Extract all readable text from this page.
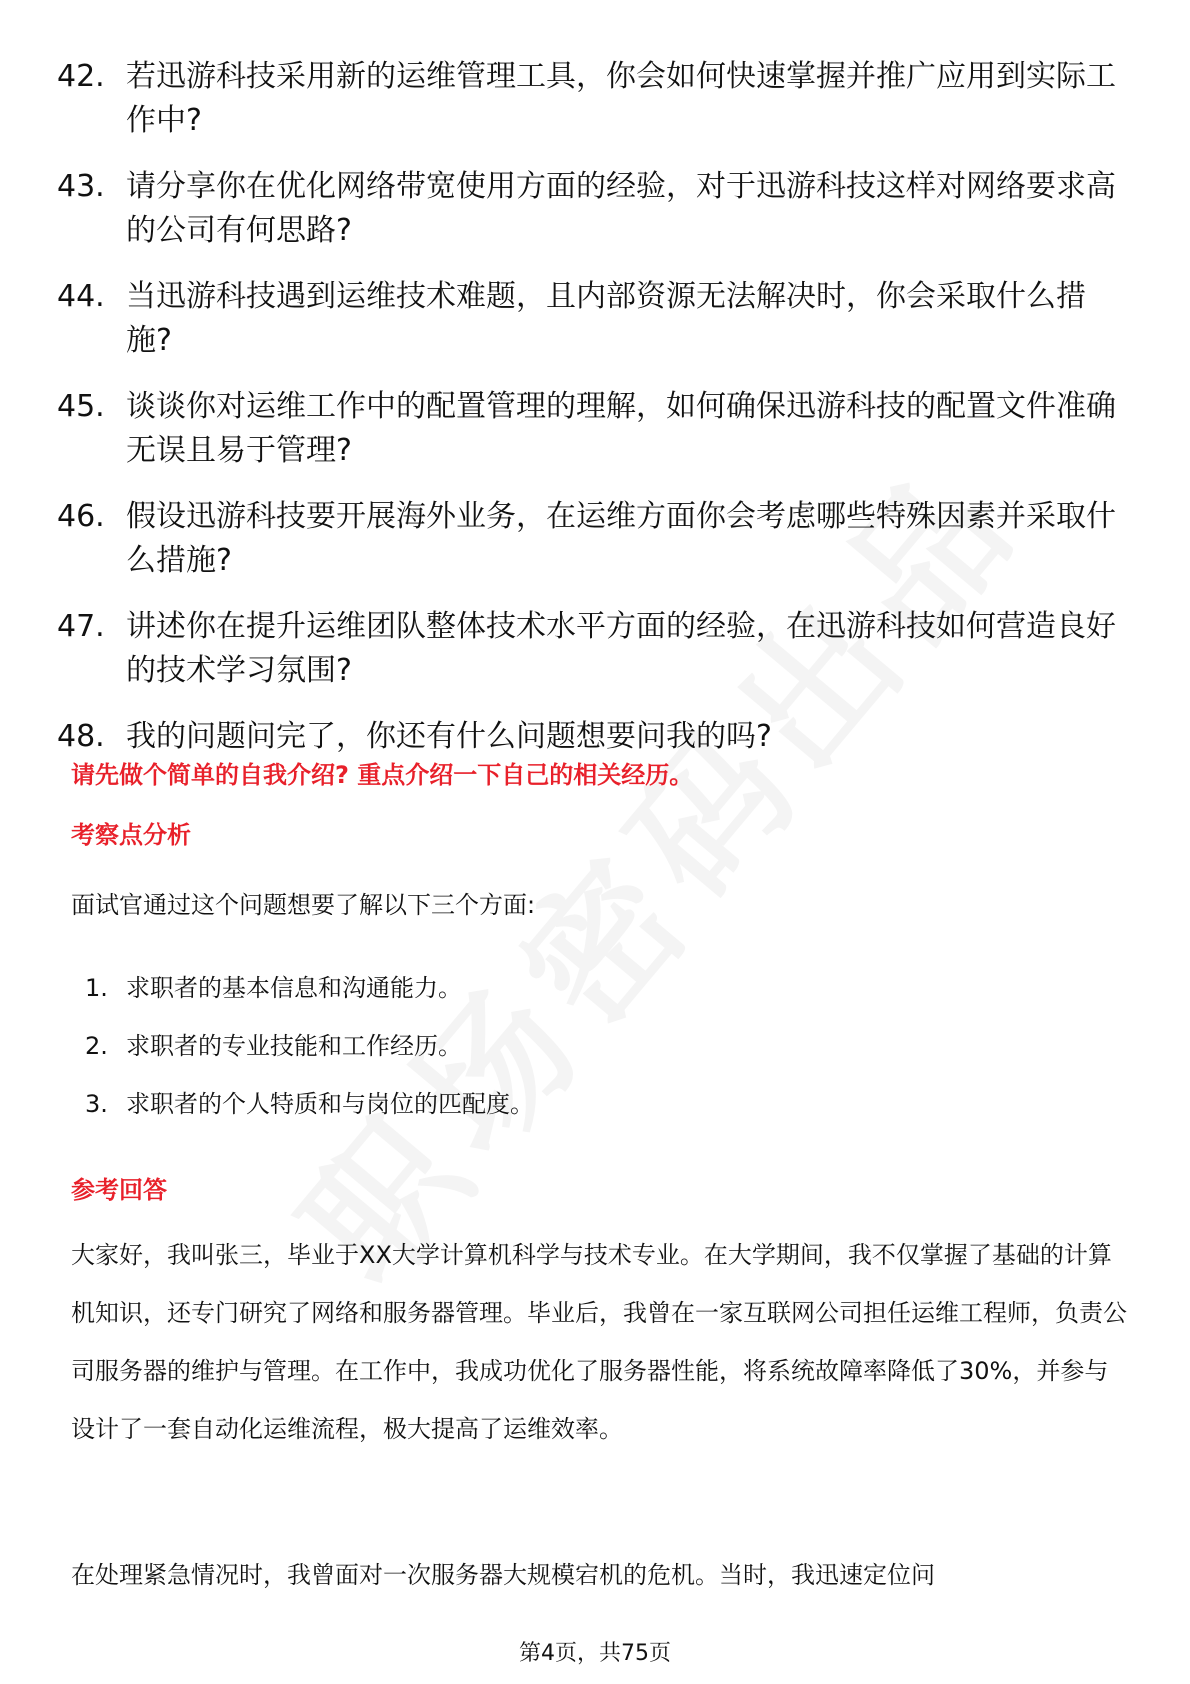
42. 若迅游科技采用新的运维管理工具，你会如何快速掌握并推广应用到实际工作中?
43. 请分享你在优化网络带宽使用方面的经验，对于迅游科技这样对网络要求高的公司有何思路?
44. 当迅游科技遇到运维技术难题，且内部资源无法解决时，你会采取什么措施?
45. 谈谈你对运维工作中的配置管理的理解，如何确保迅游科技的配置文件准确无误且易于管理?
46. 假设迅游科技要开展海外业务，在运维方面你会考虑哪些特殊因素并采取什么措施?
47. 讲述你在提升运维团队整体技术水平方面的经验，在迅游科技如何营造良好的技术学习氛围?
48. 我的问题问完了，你还有什么问题想要问我的吗?
请先做个简单的自我介绍? 重点介绍一下自己的相关经历。
考察点分析
面试官通过这个问题想要了解以下三个方面:
1. 求职者的基本信息和沟通能力。
2. 求职者的专业技能和工作经历。
3. 求职者的个人特质和与岗位的匹配度。
参考回答
大家好，我叫张三，毕业于XX大学计算机科学与技术专业。在大学期间，我不仅掌握了基础的计算机知识，还专门研究了网络和服务器管理。毕业后，我曾在一家互联网公司担任运维工程师，负责公司服务器的维护与管理。在工作中，我成功优化了服务器性能，将系统故障率降低了30%，并参与设计了一套自动化运维流程，极大提高了运维效率。
在处理紧急情况时，我曾面对一次服务器大规模宕机的危机。当时，我迅速定位问
第4页，共75页
